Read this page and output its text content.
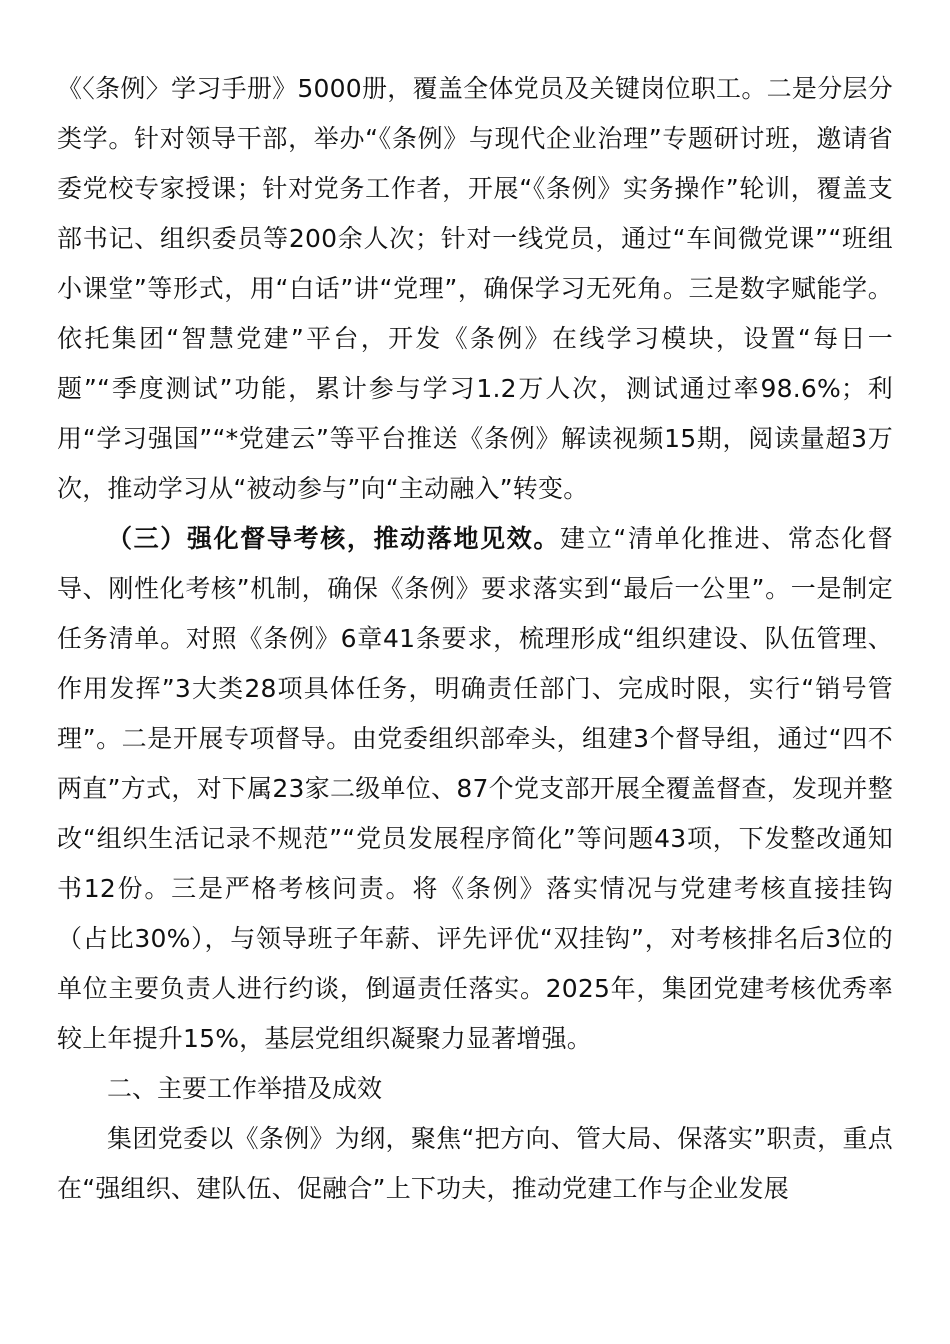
《〈条例〉学习手册》5000册，覆盖全体党员及关键岗位职工。二是分层分类学。针对领导干部，举办“《条例》与现代企业治理”专题研讨班，邀请省委党校专家授课；针对党务工作者，开展“《条例》实务操作”轮训，覆盖支部书记、组织委员等200余人次；针对一线党员，通过“车间微党课”“班组小课堂”等形式，用“白话”讲“党理”，确保学习无死角。三是数字赋能学。依托集团“智慧党建”平台，开发《条例》在线学习模块，设置“每日一题”“季度测试”功能，累计参与学习1.2万人次，测试通过率98.6%；利用“学习强国”“*党建云”等平台推送《条例》解读视频15期，阅读量超3万次，推动学习从“被动参与”向“主动融入”转变。

（三）强化督导考核，推动落地见效。建立“清单化推进、常态化督导、刚性化考核”机制，确保《条例》要求落实到“最后一公里”。一是制定任务清单。对照《条例》6章41条要求，梳理形成“组织建设、队伍管理、作用发挥”3大类28项具体任务，明确责任部门、完成时限，实行“销号管理”。二是开展专项督导。由党委组织部牵头，组建3个督导组，通过“四不两直”方式，对下属23家二级单位、87个党支部开展全覆盖督查，发现并整改“组织生活记录不规范”“党员发展程序简化”等问题43项，下发整改通知书12份。三是严格考核问责。将《条例》落实情况与党建考核直接挂钩（占比30%），与领导班子年薪、评先评优“双挂钩”，对考核排名后3位的单位主要负责人进行约谈，倒逼责任落实。2025年，集团党建考核优秀率较上年提升15%，基层党组织凝聚力显著增强。

二、主要工作举措及成效

集团党委以《条例》为纲，聚焦“把方向、管大局、保落实”职责，重点在“强组织、建队伍、促融合”上下功夫，推动党建工作与企业发展
